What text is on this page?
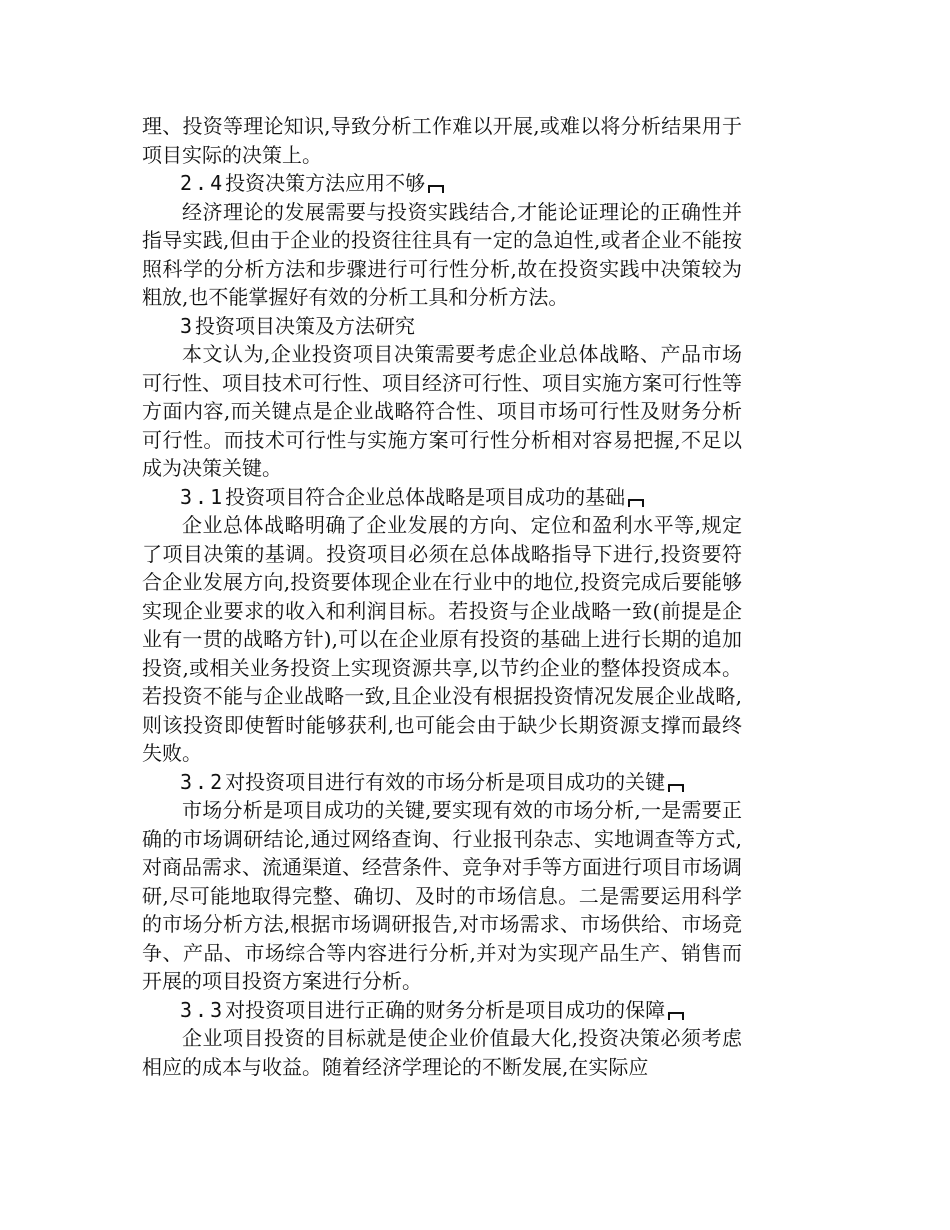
理、投资等理论知识,导致分析工作难以开展,或难以将分析结果用于项目实际的决策上。

2.4投资决策方法应用不够

经济理论的发展需要与投资实践结合,才能论证理论的正确性并指导实践,但由于企业的投资往往具有一定的急迫性,或者企业不能按照科学的分析方法和步骤进行可行性分析,故在投资实践中决策较为粗放,也不能掌握好有效的分析工具和分析方法。

3投资项目决策及方法研究

本文认为,企业投资项目决策需要考虑企业总体战略、产品市场可行性、项目技术可行性、项目经济可行性、项目实施方案可行性等方面内容,而关键点是企业战略符合性、项目市场可行性及财务分析可行性。而技术可行性与实施方案可行性分析相对容易把握,不足以成为决策关键。

3.1投资项目符合企业总体战略是项目成功的基础

企业总体战略明确了企业发展的方向、定位和盈利水平等,规定了项目决策的基调。投资项目必须在总体战略指导下进行,投资要符合企业发展方向,投资要体现企业在行业中的地位,投资完成后要能够实现企业要求的收入和利润目标。若投资与企业战略一致(前提是企业有一贯的战略方针),可以在企业原有投资的基础上进行长期的追加投资,或相关业务投资上实现资源共享,以节约企业的整体投资成本。若投资不能与企业战略一致,且企业没有根据投资情况发展企业战略,则该投资即使暂时能够获利,也可能会由于缺少长期资源支撑而最终失败。

3.2对投资项目进行有效的市场分析是项目成功的关键

市场分析是项目成功的关键,要实现有效的市场分析,一是需要正确的市场调研结论,通过网络查询、行业报刊杂志、实地调查等方式,对商品需求、流通渠道、经营条件、竞争对手等方面进行项目市场调研,尽可能地取得完整、确切、及时的市场信息。二是需要运用科学的市场分析方法,根据市场调研报告,对市场需求、市场供给、市场竞争、产品、市场综合等内容进行分析,并对为实现产品生产、销售而开展的项目投资方案进行分析。

3.3对投资项目进行正确的财务分析是项目成功的保障

企业项目投资的目标就是使企业价值最大化,投资决策必须考虑相应的成本与收益。随着经济学理论的不断发展,在实际应
